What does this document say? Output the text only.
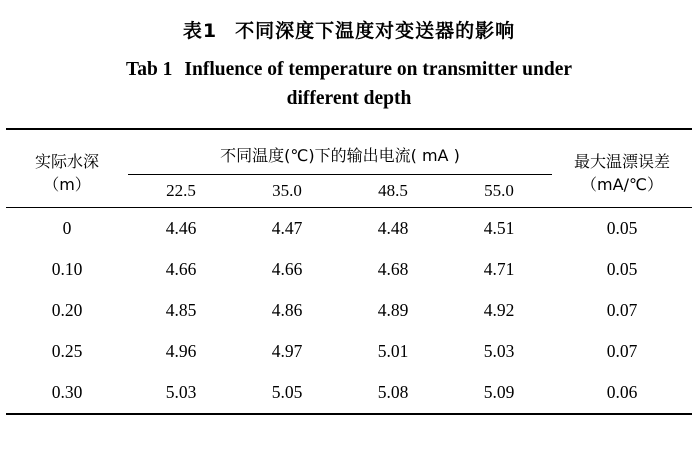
表1 不同深度下温度对变送器的影响
Tab 1 Influence of temperature on transmitter under
different depth

实际水深
（m）
	不同温度(℃)下的输出电流( mA )	最大温漂误差
（mA/℃）

	22.5	35.0	48.5	55.0	

0	4.46	4.47	4.48	4.51	0.05
0.10	4.66	4.66	4.68	4.71	0.05
0.20	4.85	4.86	4.89	4.92	0.07
0.25	4.96	4.97	5.01	5.03	0.07
0.30	5.03	5.05	5.08	5.09	0.06
